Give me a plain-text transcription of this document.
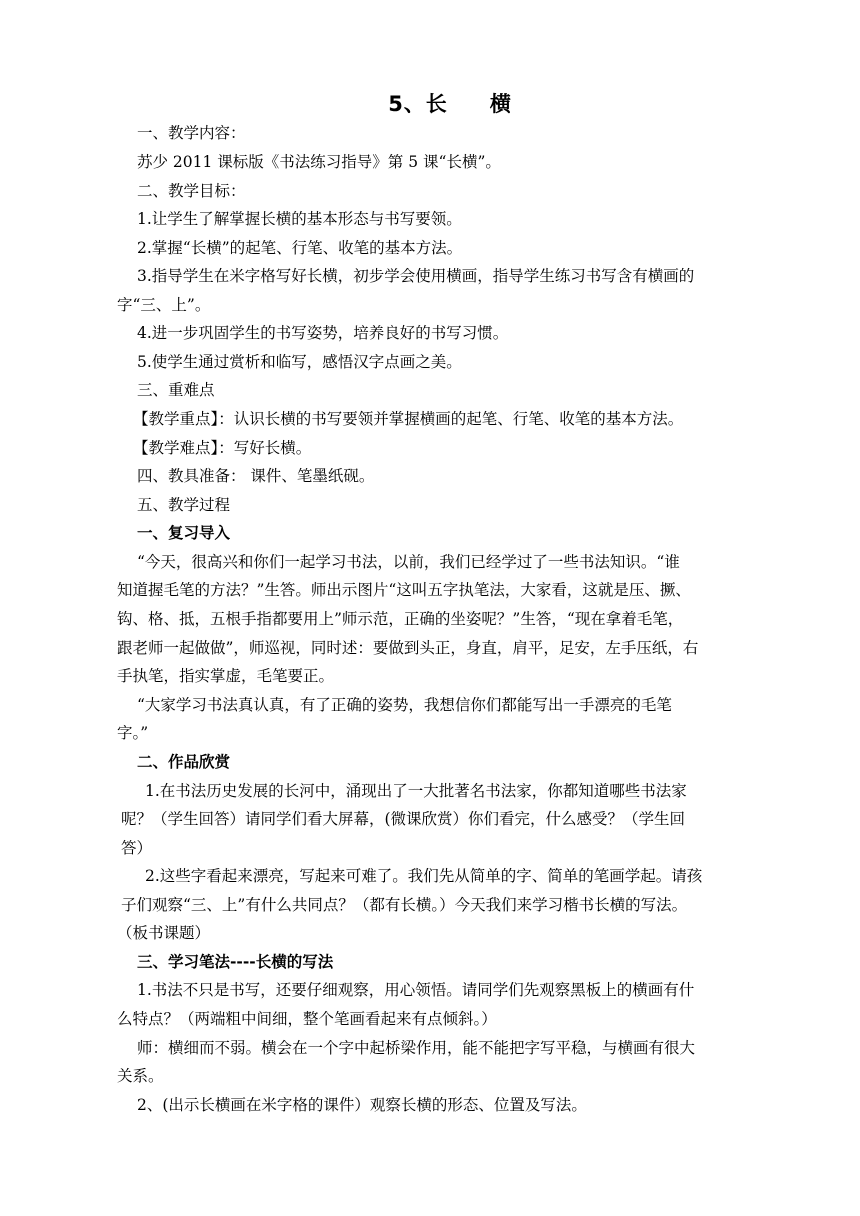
5、长 横
一、教学内容：
苏少 2011 课标版《书法练习指导》第 5 课“长横”。
二、教学目标：
1.让学生了解掌握长横的基本形态与书写要领。
2.掌握“长横”的起笔、行笔、收笔的基本方法。
3.指导学生在米字格写好长横，初步学会使用横画，指导学生练习书写含有横画的
字“三、上”。
4.进一步巩固学生的书写姿势，培养良好的书写习惯。
5.使学生通过赏析和临写，感悟汉字点画之美。
三、重难点
【教学重点】：认识长横的书写要领并掌握横画的起笔、行笔、收笔的基本方法。
【教学难点】：写好长横。
四、教具准备： 课件、笔墨纸砚。
五、教学过程
一、复习导入
“今天，很高兴和你们一起学习书法，以前，我们已经学过了一些书法知识。“谁
知道握毛笔的方法？”生答。师出示图片“这叫五字执笔法，大家看，这就是压、撅、
钩、格、抵，五根手指都要用上”师示范，正确的坐姿呢？”生答，“现在拿着毛笔，
跟老师一起做做”，师巡视，同时述：要做到头正，身直，肩平，足安，左手压纸，右
手执笔，指实掌虚，毛笔要正。
“大家学习书法真认真，有了正确的姿势，我想信你们都能写出一手漂亮的毛笔
字。”
二、作品欣赏
1.在书法历史发展的长河中，涌现出了一大批著名书法家，你都知道哪些书法家
呢？（学生回答）请同学们看大屏幕，(微课欣赏）你们看完，什么感受？（学生回
答）
2.这些字看起来漂亮，写起来可难了。我们先从简单的字、简单的笔画学起。请孩
子们观察“三、上”有什么共同点？（都有长横。）今天我们来学习楷书长横的写法。
（板书课题）
三、学习笔法----长横的写法
1.书法不只是书写，还要仔细观察，用心领悟。请同学们先观察黑板上的横画有什
么特点？（两端粗中间细，整个笔画看起来有点倾斜。）
师：横细而不弱。横会在一个字中起桥梁作用，能不能把字写平稳，与横画有很大
关系。
2、(出示长横画在米字格的课件）观察长横的形态、位置及写法。
